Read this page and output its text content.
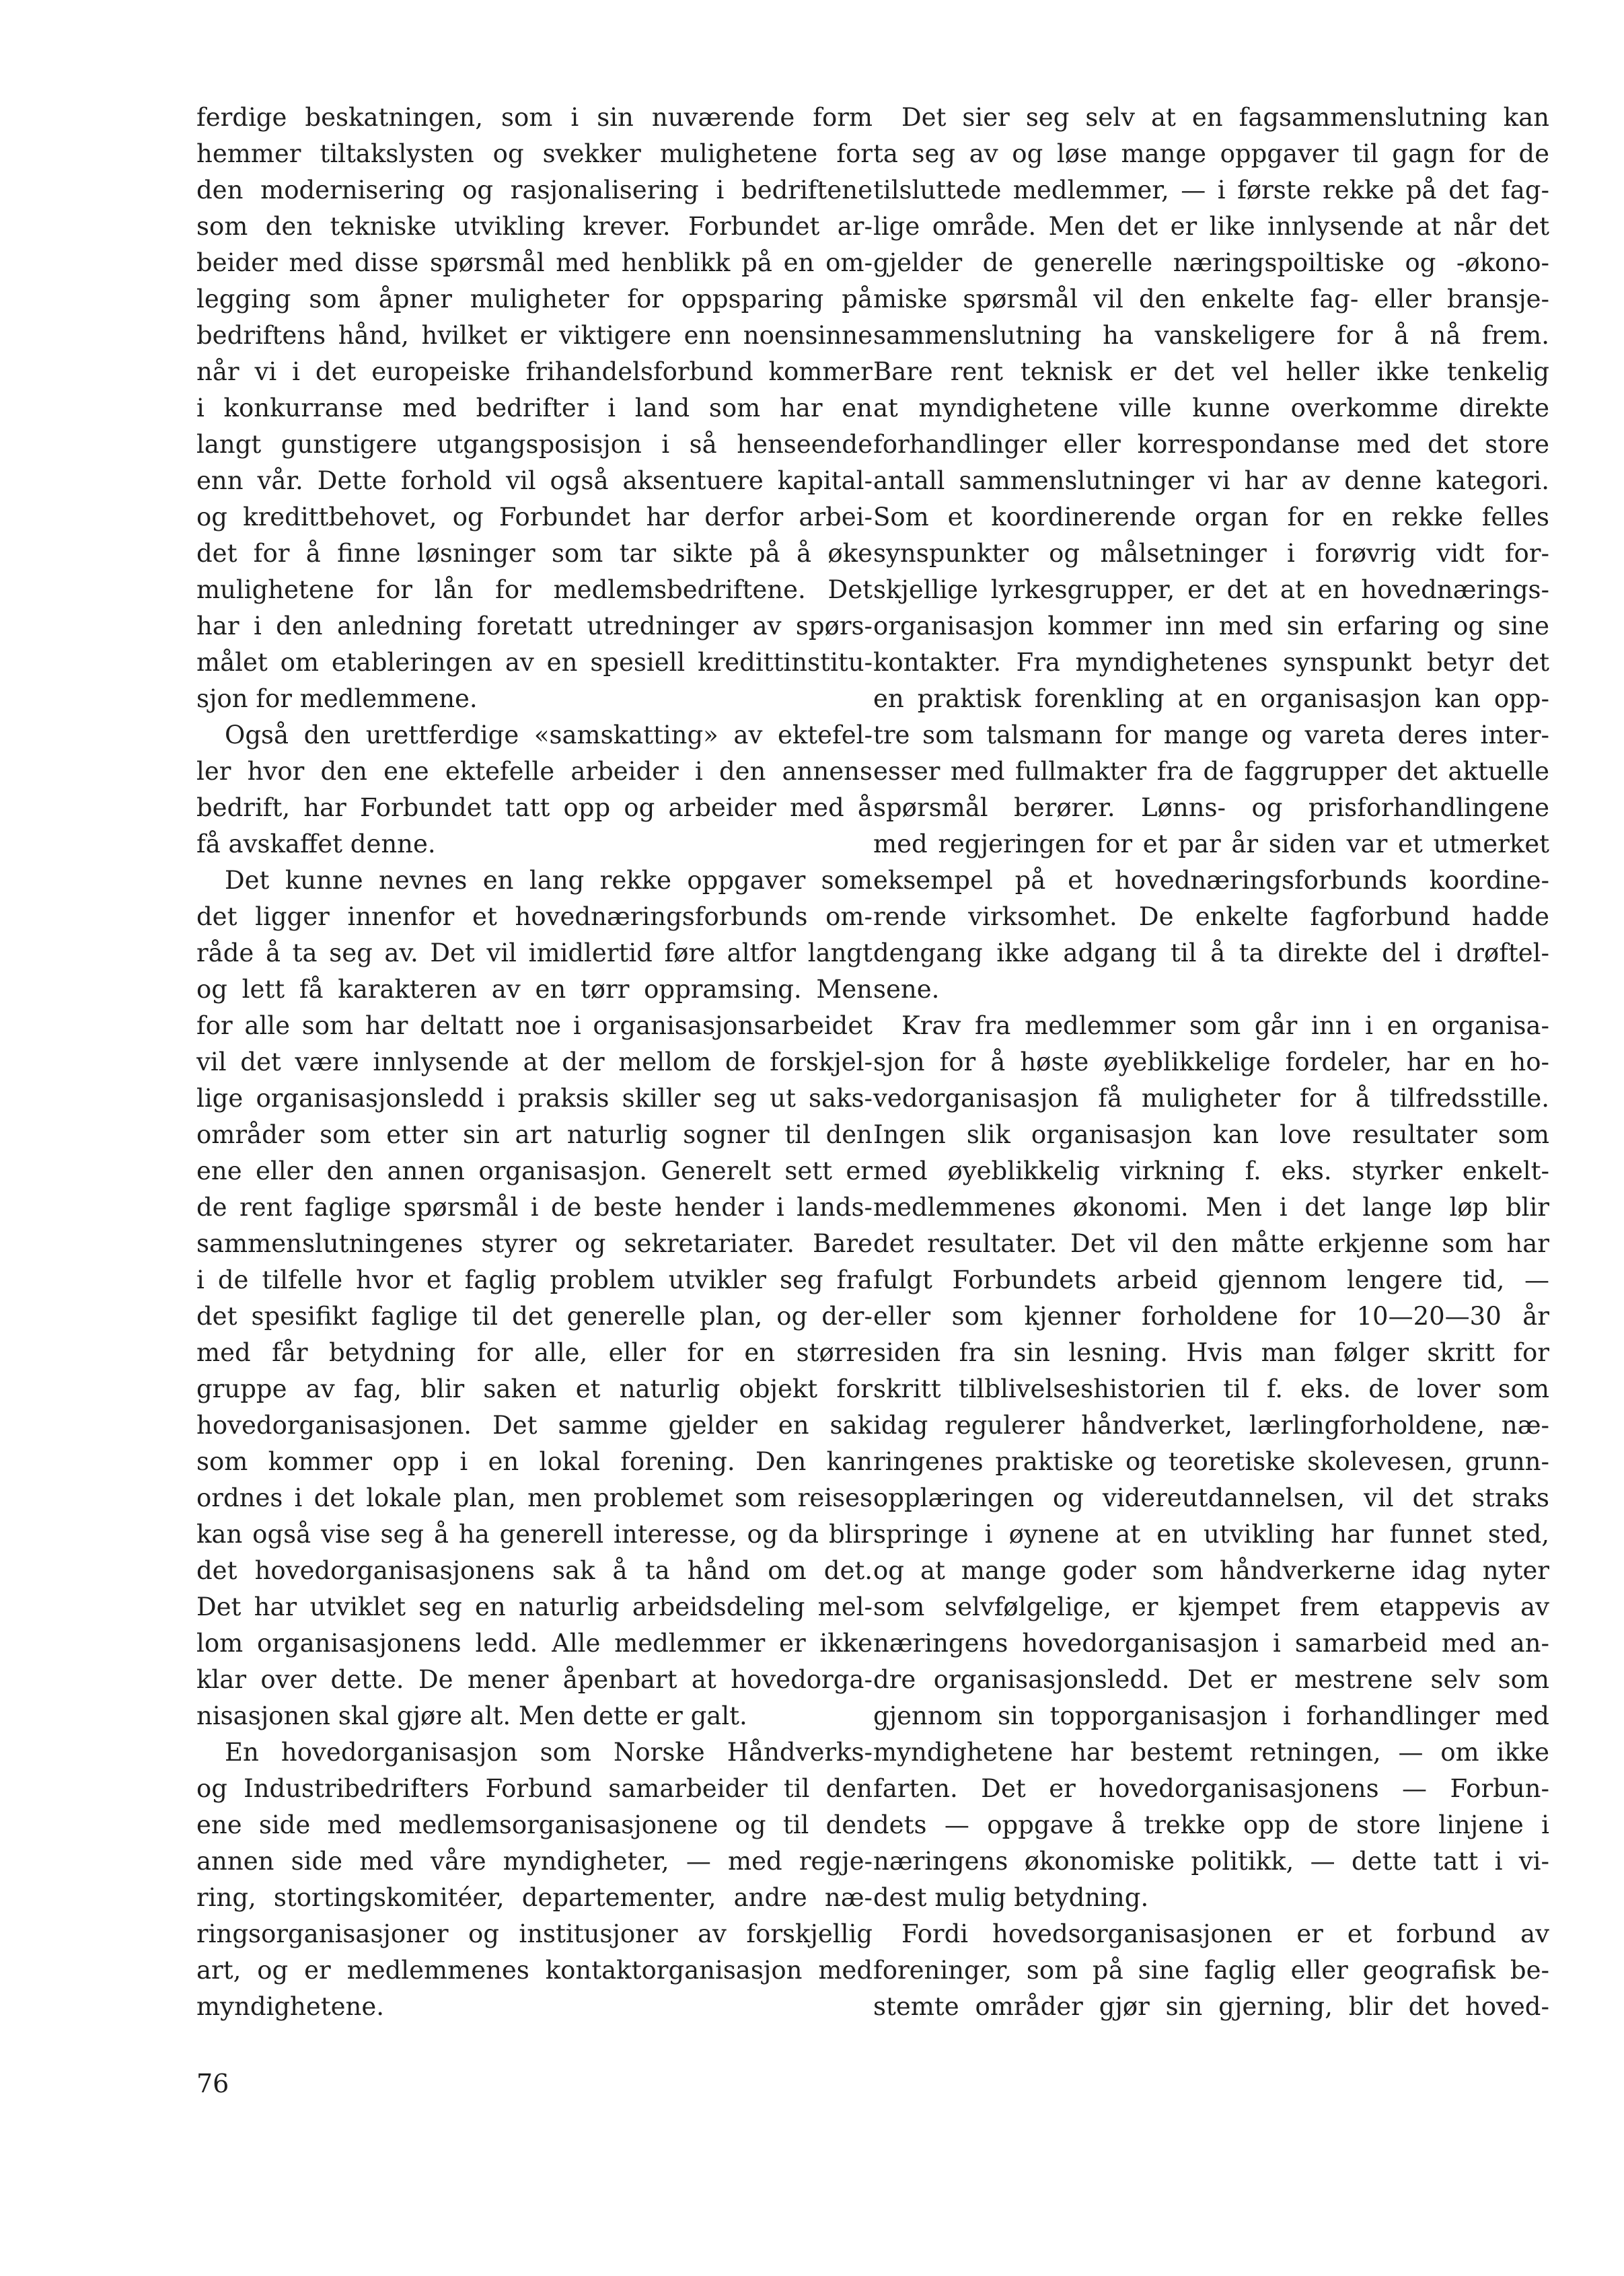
ferdige beskatningen, som i sin nuværende form
hemmer tiltakslysten og svekker mulighetene for
den modernisering og rasjonalisering i bedriftene
som den tekniske utvikling krever. Forbundet ar-
beider med disse spørsmål med henblikk på en om-
legging som åpner muligheter for oppsparing på
bedriftens hånd, hvilket er viktigere enn noensinne
når vi i det europeiske frihandelsforbund kommer
i konkurranse med bedrifter i land som har en
langt gunstigere utgangsposisjon i så henseende
enn vår. Dette forhold vil også aksentuere kapital-
og kredittbehovet, og Forbundet har derfor arbei-
det for å finne løsninger som tar sikte på å øke
mulighetene for lån for medlemsbedriftene. Det
har i den anledning foretatt utredninger av spørs-
målet om etableringen av en spesiell kredittinstitu-
sjon for medlemmene.
Også den urettferdige «samskatting» av ektefel-
ler hvor den ene ektefelle arbeider i den annens
bedrift, har Forbundet tatt opp og arbeider med å
få avskaffet denne.
Det kunne nevnes en lang rekke oppgaver som
det ligger innenfor et hovednæringsforbunds om-
råde å ta seg av. Det vil imidlertid føre altfor langt
og lett få karakteren av en tørr oppramsing. Men
for alle som har deltatt noe i organisasjonsarbeidet
vil det være innlysende at der mellom de forskjel-
lige organisasjonsledd i praksis skiller seg ut saks-
områder som etter sin art naturlig sogner til den
ene eller den annen organisasjon. Generelt sett er
de rent faglige spørsmål i de beste hender i lands-
sammenslutningenes styrer og sekretariater. Bare
i de tilfelle hvor et faglig problem utvikler seg fra
det spesifikt faglige til det generelle plan, og der-
med får betydning for alle, eller for en større
gruppe av fag, blir saken et naturlig objekt for
hovedorganisasjonen. Det samme gjelder en sak
som kommer opp i en lokal forening. Den kan
ordnes i det lokale plan, men problemet som reises
kan også vise seg å ha generell interesse, og da blir
det hovedorganisasjonens sak å ta hånd om det.
Det har utviklet seg en naturlig arbeidsdeling mel-
lom organisasjonens ledd. Alle medlemmer er ikke
klar over dette. De mener åpenbart at hovedorga-
nisasjonen skal gjøre alt. Men dette er galt.
En hovedorganisasjon som Norske Håndverks-
og Industribedrifters Forbund samarbeider til den
ene side med medlemsorganisasjonene og til den
annen side med våre myndigheter, — med regje-
ring, stortingskomitéer, departementer, andre næ-
ringsorganisasjoner og institusjoner av forskjellig
art, og er medlemmenes kontaktorganisasjon med
myndighetene.
Det sier seg selv at en fagsammenslutning kan
ta seg av og løse mange oppgaver til gagn for de
tilsluttede medlemmer, — i første rekke på det fag-
lige område. Men det er like innlysende at når det
gjelder de generelle næringspoiltiske og -økono-
miske spørsmål vil den enkelte fag- eller bransje-
sammenslutning ha vanskeligere for å nå frem.
Bare rent teknisk er det vel heller ikke tenkelig
at myndighetene ville kunne overkomme direkte
forhandlinger eller korrespondanse med det store
antall sammenslutninger vi har av denne kategori.
Som et koordinerende organ for en rekke felles
synspunkter og målsetninger i forøvrig vidt for-
skjellige lyrkesgrupper, er det at en hovednærings-
organisasjon kommer inn med sin erfaring og sine
kontakter. Fra myndighetenes synspunkt betyr det
en praktisk forenkling at en organisasjon kan opp-
tre som talsmann for mange og vareta deres inter-
esser med fullmakter fra de faggrupper det aktuelle
spørsmål berører. Lønns- og prisforhandlingene
med regjeringen for et par år siden var et utmerket
eksempel på et hovednæringsforbunds koordine-
rende virksomhet. De enkelte fagforbund hadde
dengang ikke adgang til å ta direkte del i drøftel-
sene.
Krav fra medlemmer som går inn i en organisa-
sjon for å høste øyeblikkelige fordeler, har en ho-
vedorganisasjon få muligheter for å tilfredsstille.
Ingen slik organisasjon kan love resultater som
med øyeblikkelig virkning f. eks. styrker enkelt-
medlemmenes økonomi. Men i det lange løp blir
det resultater. Det vil den måtte erkjenne som har
fulgt Forbundets arbeid gjennom lengere tid, —
eller som kjenner forholdene for 10—20—30 år
siden fra sin lesning. Hvis man følger skritt for
skritt tilblivelseshistorien til f. eks. de lover som
idag regulerer håndverket, lærlingforholdene, næ-
ringenes praktiske og teoretiske skolevesen, grunn-
opplæringen og videreutdannelsen, vil det straks
springe i øynene at en utvikling har funnet sted,
og at mange goder som håndverkerne idag nyter
som selvfølgelige, er kjempet frem etappevis av
næringens hovedorganisasjon i samarbeid med an-
dre organisasjonsledd. Det er mestrene selv som
gjennom sin topporganisasjon i forhandlinger med
myndighetene har bestemt retningen, — om ikke
farten. Det er hovedorganisasjonens — Forbun-
dets — oppgave å trekke opp de store linjene i
næringens økonomiske politikk, — dette tatt i vi-
dest mulig betydning.
Fordi hovedsorganisasjonen er et forbund av
foreninger, som på sine faglig eller geografisk be-
stemte områder gjør sin gjerning, blir det hoved-
76
